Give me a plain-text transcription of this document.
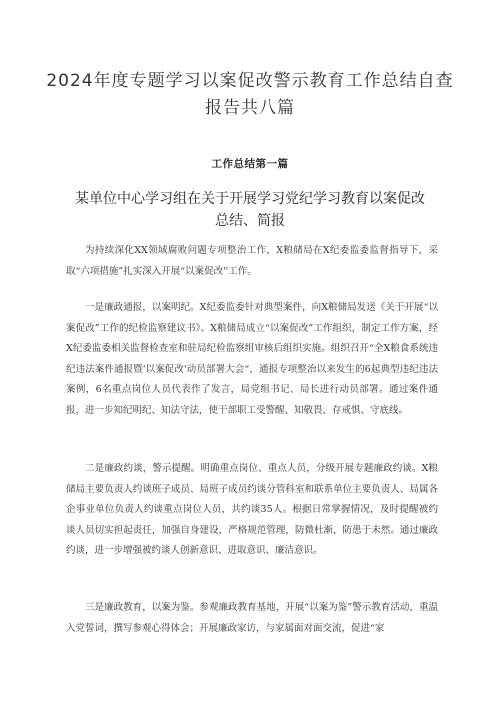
2024年度专题学习以案促改警示教育工作总结自查
报告共八篇
工作总结第一篇
某单位中心学习组在关于开展学习党纪学习教育以案促改
总结、简报

为持续深化XX领域腐败问题专项整治工作，X粮储局在X纪委监委监督指导下，采取“六项措施”扎实深入开展“以案促改''工作。

一是廉政通报，以案明纪。X纪委监委针对典型案件，向X粮储局发送《关于开展“以案促改”工作的纪检监察建议书》。X粮储局成立“以案促改”工作组织，制定工作方案，经X纪委监委相关监督检查室和驻局纪检监察组审核后组织实施。组织召开“全X粮食系统违纪违法案件通报暨'以案促改'动员部署大会“，通报专项整治以来发生的6起典型违纪违法案例，6名重点岗位人员代表作了发言，局党组书记、局长进行动员部署。通过案件通报，进一步知纪明纪、知法守法，使干部职工受警醒、知敬畏、存戒惧、守底线。

二是廉政约谈，警示提醒。明确重点岗位、重点人员，分级开展专题廉政约谈。X粮储局主要负责人约谈班子成员、局班子成员约谈分管科室和联系单位主要负责人、局属各企事业单位负责人约谈重点岗位人员，共约谈35人。根据日常掌握情况，及时提醒被约谈人员切实担起责任，加强自身建设，严格规范管理，防微杜渐，防患于未然。通过廉政约谈，进一步增强被约谈人创新意识、进取意识、廉洁意识。

三是廉政教育，以案为鉴。参观廉政教育基地，开展“以案为鉴”警示教育活动，重温入党誓词，撰写参观心得体会；开展廉政家访，与家属面对面交流，促进“家
